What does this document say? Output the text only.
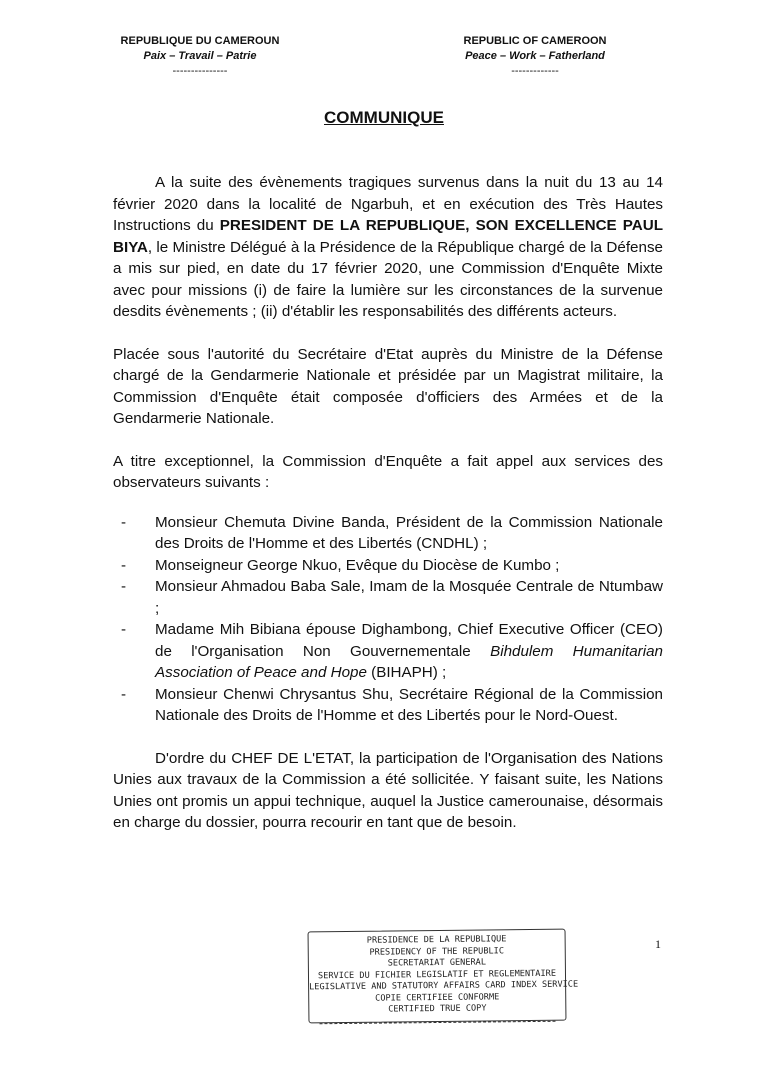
REPUBLIQUE DU CAMEROUN
Paix – Travail – Patrie
---------------
REPUBLIC OF CAMEROON
Peace – Work – Fatherland
-------------
COMMUNIQUE

A la suite des évènements tragiques survenus dans la nuit du 13 au 14 février 2020 dans la localité de Ngarbuh, et en exécution des Très Hautes Instructions du PRESIDENT DE LA REPUBLIQUE, SON EXCELLENCE PAUL BIYA, le Ministre Délégué à la Présidence de la République chargé de la Défense a mis sur pied, en date du 17 février 2020, une Commission d'Enquête Mixte avec pour missions (i) de faire la lumière sur les circonstances de la survenue desdits évènements ; (ii) d'établir les responsabilités des différents acteurs.

Placée sous l'autorité du Secrétaire d'Etat auprès du Ministre de la Défense chargé de la Gendarmerie Nationale et présidée par un Magistrat militaire, la Commission d'Enquête était composée d'officiers des Armées et de la Gendarmerie Nationale.

A titre exceptionnel, la Commission d'Enquête a fait appel aux services des observateurs suivants :

- Monsieur Chemuta Divine Banda, Président de la Commission Nationale des Droits de l'Homme et des Libertés (CNDHL) ;
- Monseigneur George Nkuo, Evêque du Diocèse de Kumbo ;
- Monsieur Ahmadou Baba Sale, Imam de la Mosquée Centrale de Ntumbaw ;
- Madame Mih Bibiana épouse Dighambong, Chief Executive Officer (CEO) de l'Organisation Non Gouvernementale Bihdulem Humanitarian Association of Peace and Hope (BIHAPH) ;
- Monsieur Chenwi Chrysantus Shu, Secrétaire Régional de la Commission Nationale des Droits de l'Homme et des Libertés pour le Nord-Ouest.

D'ordre du CHEF DE L'ETAT, la participation de l'Organisation des Nations Unies aux travaux de la Commission a été sollicitée. Y faisant suite, les Nations Unies ont promis un appui technique, auquel la Justice camerounaise, désormais en charge du dossier, pourra recourir en tant que de besoin.

PRESIDENCE DE LA REPUBLIQUE
PRESIDENCY OF THE REPUBLIC
SECRETARIAT GENERAL
SERVICE DU FICHIER LEGISLATIF ET REGLEMENTAIRE
LEGISLATIVE AND STATUTORY AFFAIRS CARD INDEX SERVICE
COPIE CERTIFIEE CONFORME
CERTIFIED TRUE COPY
1
